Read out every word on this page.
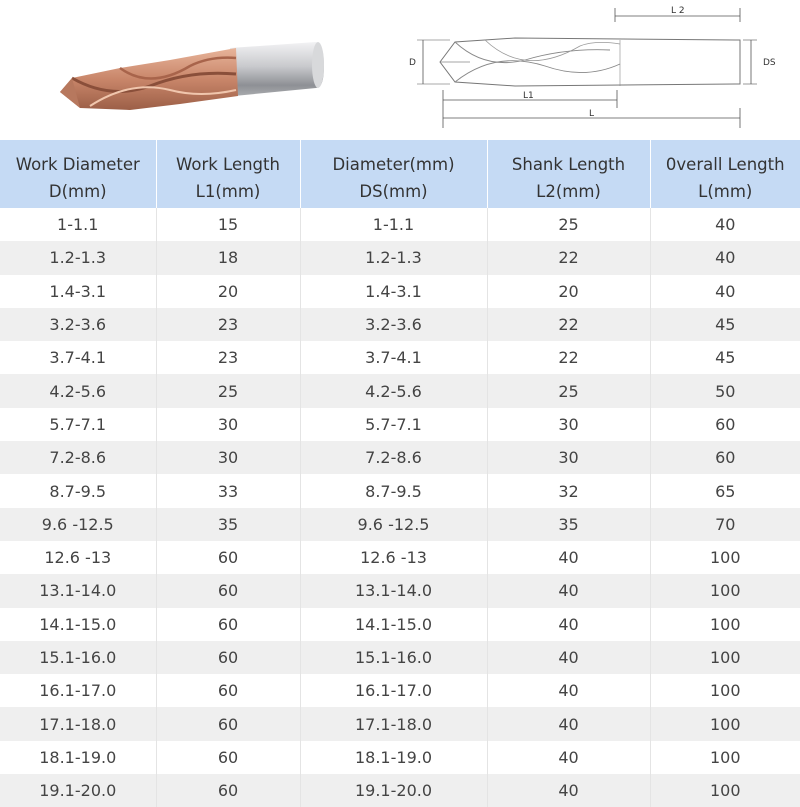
L 2
D	DS
L1
L
Work Diameter	Work Length	Diameter(mm)	Shank Length	0verall Length
D(mm)	L1(mm)	DS(mm)	L2(mm)	L(mm)
1-1.1	15	1-1.1	25	40
1.2-1.3	18	1.2-1.3	22	40
1.4-3.1	20	1.4-3.1	20	40
3.2-3.6	23	3.2-3.6	22	45
3.7-4.1	23	3.7-4.1	22	45
4.2-5.6	25	4.2-5.6	25	50
5.7-7.1	30	5.7-7.1	30	60
7.2-8.6	30	7.2-8.6	30	60
8.7-9.5	33	8.7-9.5	32	65
9.6 -12.5	35	9.6 -12.5	35	70
12.6 -13	60	12.6 -13	40	100
13.1-14.0	60	13.1-14.0	40	100
14.1-15.0	60	14.1-15.0	40	100
15.1-16.0	60	15.1-16.0	40	100
16.1-17.0	60	16.1-17.0	40	100
17.1-18.0	60	17.1-18.0	40	100
18.1-19.0	60	18.1-19.0	40	100
19.1-20.0	60	19.1-20.0	40	100
